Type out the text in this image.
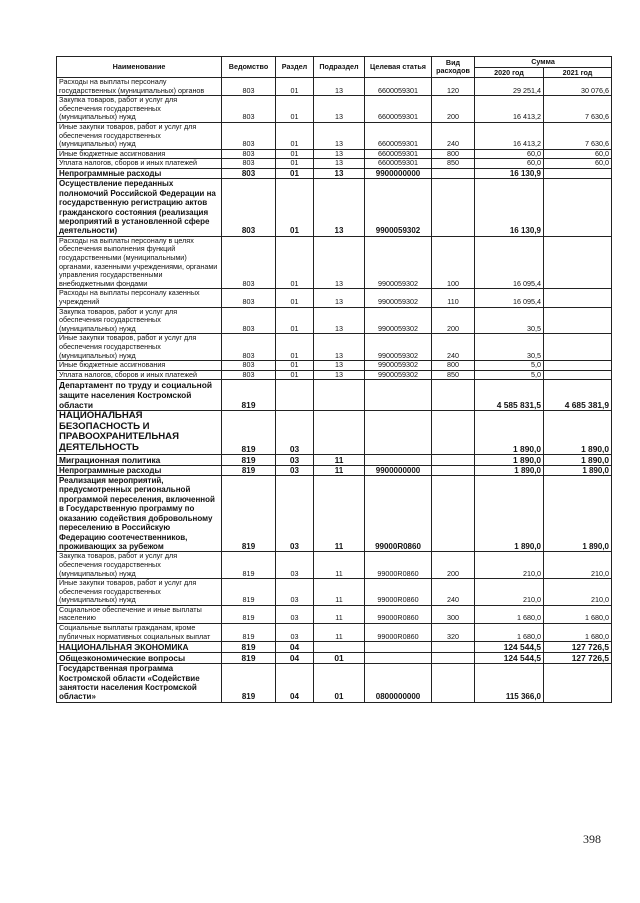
Наименование	Ведомство	Раздел	Подраздел	Целевая статья	Вид расходов	Сумма	
						2020 год	2021 год
Расходы на выплаты персоналу государственных (муниципальных) органов	803	01	13	6600059301	120	29 251,4	30 076,6
Закупка товаров, работ и услуг для обеспечения государственных (муниципальных) нужд	803	01	13	6600059301	200	16 413,2	7 630,6
Иные закупки товаров, работ и услуг для обеспечения государственных (муниципальных) нужд	803	01	13	6600059301	240	16 413,2	7 630,6
Иные бюджетные ассигнования	803	01	13	6600059301	800	60,0	60,0
Уплата налогов, сборов и иных платежей	803	01	13	6600059301	850	60,0	60,0
Непрограммные расходы	803	01	13	9900000000		16 130,9	
Осуществление переданных полномочий Российской Федерации на государственную регистрацию актов гражданского состояния (реализация мероприятий в установленной сфере деятельности)	803	01	13	9900059302		16 130,9	
Расходы на выплаты персоналу в целях обеспечения выполнения функций государственными (муниципальными) органами, казенными учреждениями, органами управления государственными внебюджетными фондами	803	01	13	9900059302	100	16 095,4	
Расходы на выплаты персоналу казенных учреждений	803	01	13	9900059302	110	16 095,4	
Закупка товаров, работ и услуг для обеспечения государственных (муниципальных) нужд	803	01	13	9900059302	200	30,5	
Иные закупки товаров, работ и услуг для обеспечения государственных (муниципальных) нужд	803	01	13	9900059302	240	30,5	
Иные бюджетные ассигнования	803	01	13	9900059302	800	5,0	
Уплата налогов, сборов и иных платежей	803	01	13	9900059302	850	5,0	
Департамент по труду и социальной защите населения Костромской области	819					4 585 831,5	4 685 381,9
НАЦИОНАЛЬНАЯ БЕЗОПАСНОСТЬ И ПРАВООХРАНИТЕЛЬНАЯ ДЕЯТЕЛЬНОСТЬ	819	03				1 890,0	1 890,0
Миграционная политика	819	03	11			1 890,0	1 890,0
Непрограммные расходы	819	03	11	9900000000		1 890,0	1 890,0
Реализация мероприятий, предусмотренных региональной программой переселения, включенной в Государственную программу по оказанию содействия добровольному переселению в Российскую Федерацию соотечественников, проживающих за рубежом	819	03	11	99000R0860		1 890,0	1 890,0
Закупка товаров, работ и услуг для обеспечения государственных (муниципальных) нужд	819	03	11	99000R0860	200	210,0	210,0
Иные закупки товаров, работ и услуг для обеспечения государственных (муниципальных) нужд	819	03	11	99000R0860	240	210,0	210,0
Социальное обеспечение и иные выплаты населению	819	03	11	99000R0860	300	1 680,0	1 680,0
Социальные выплаты гражданам, кроме публичных нормативных социальных выплат	819	03	11	99000R0860	320	1 680,0	1 680,0
НАЦИОНАЛЬНАЯ ЭКОНОМИКА	819	04				124 544,5	127 726,5
Общеэкономические вопросы	819	04	01			124 544,5	127 726,5
Государственная программа Костромской области «Содействие занятости населения Костромской области»	819	04	01	0800000000		115 366,0	
398
